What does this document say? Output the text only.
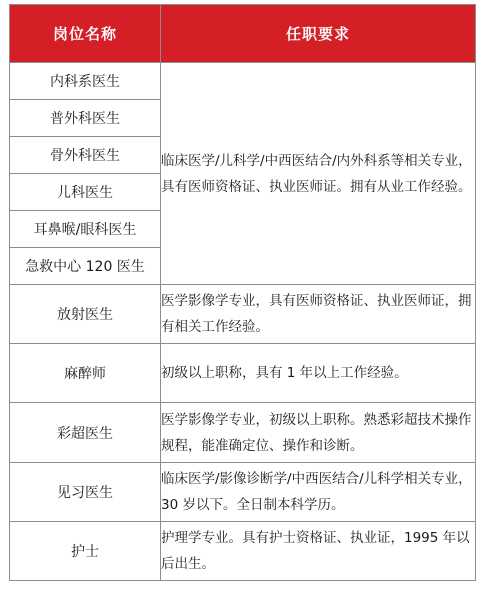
岗位名称	任职要求
内科系医生	临床医学/儿科学/中西医结合/内外科系等相关专业，具有医师资格证、执业医师证。拥有从业工作经验。
普外科医生	
骨外科医生	
儿科医生	
耳鼻喉/眼科医生	
急救中心 120 医生	
放射医生	医学影像学专业，具有医师资格证、执业医师证，拥有相关工作经验。
麻醉师	初级以上职称，具有 1 年以上工作经验。
彩超医生	医学影像学专业，初级以上职称。熟悉彩超技术操作规程，能准确定位、操作和诊断。
见习医生	临床医学/影像诊断学/中西医结合/儿科学相关专业，30 岁以下。全日制本科学历。
护士	护理学专业。具有护士资格证、执业证，1995 年以后出生。
